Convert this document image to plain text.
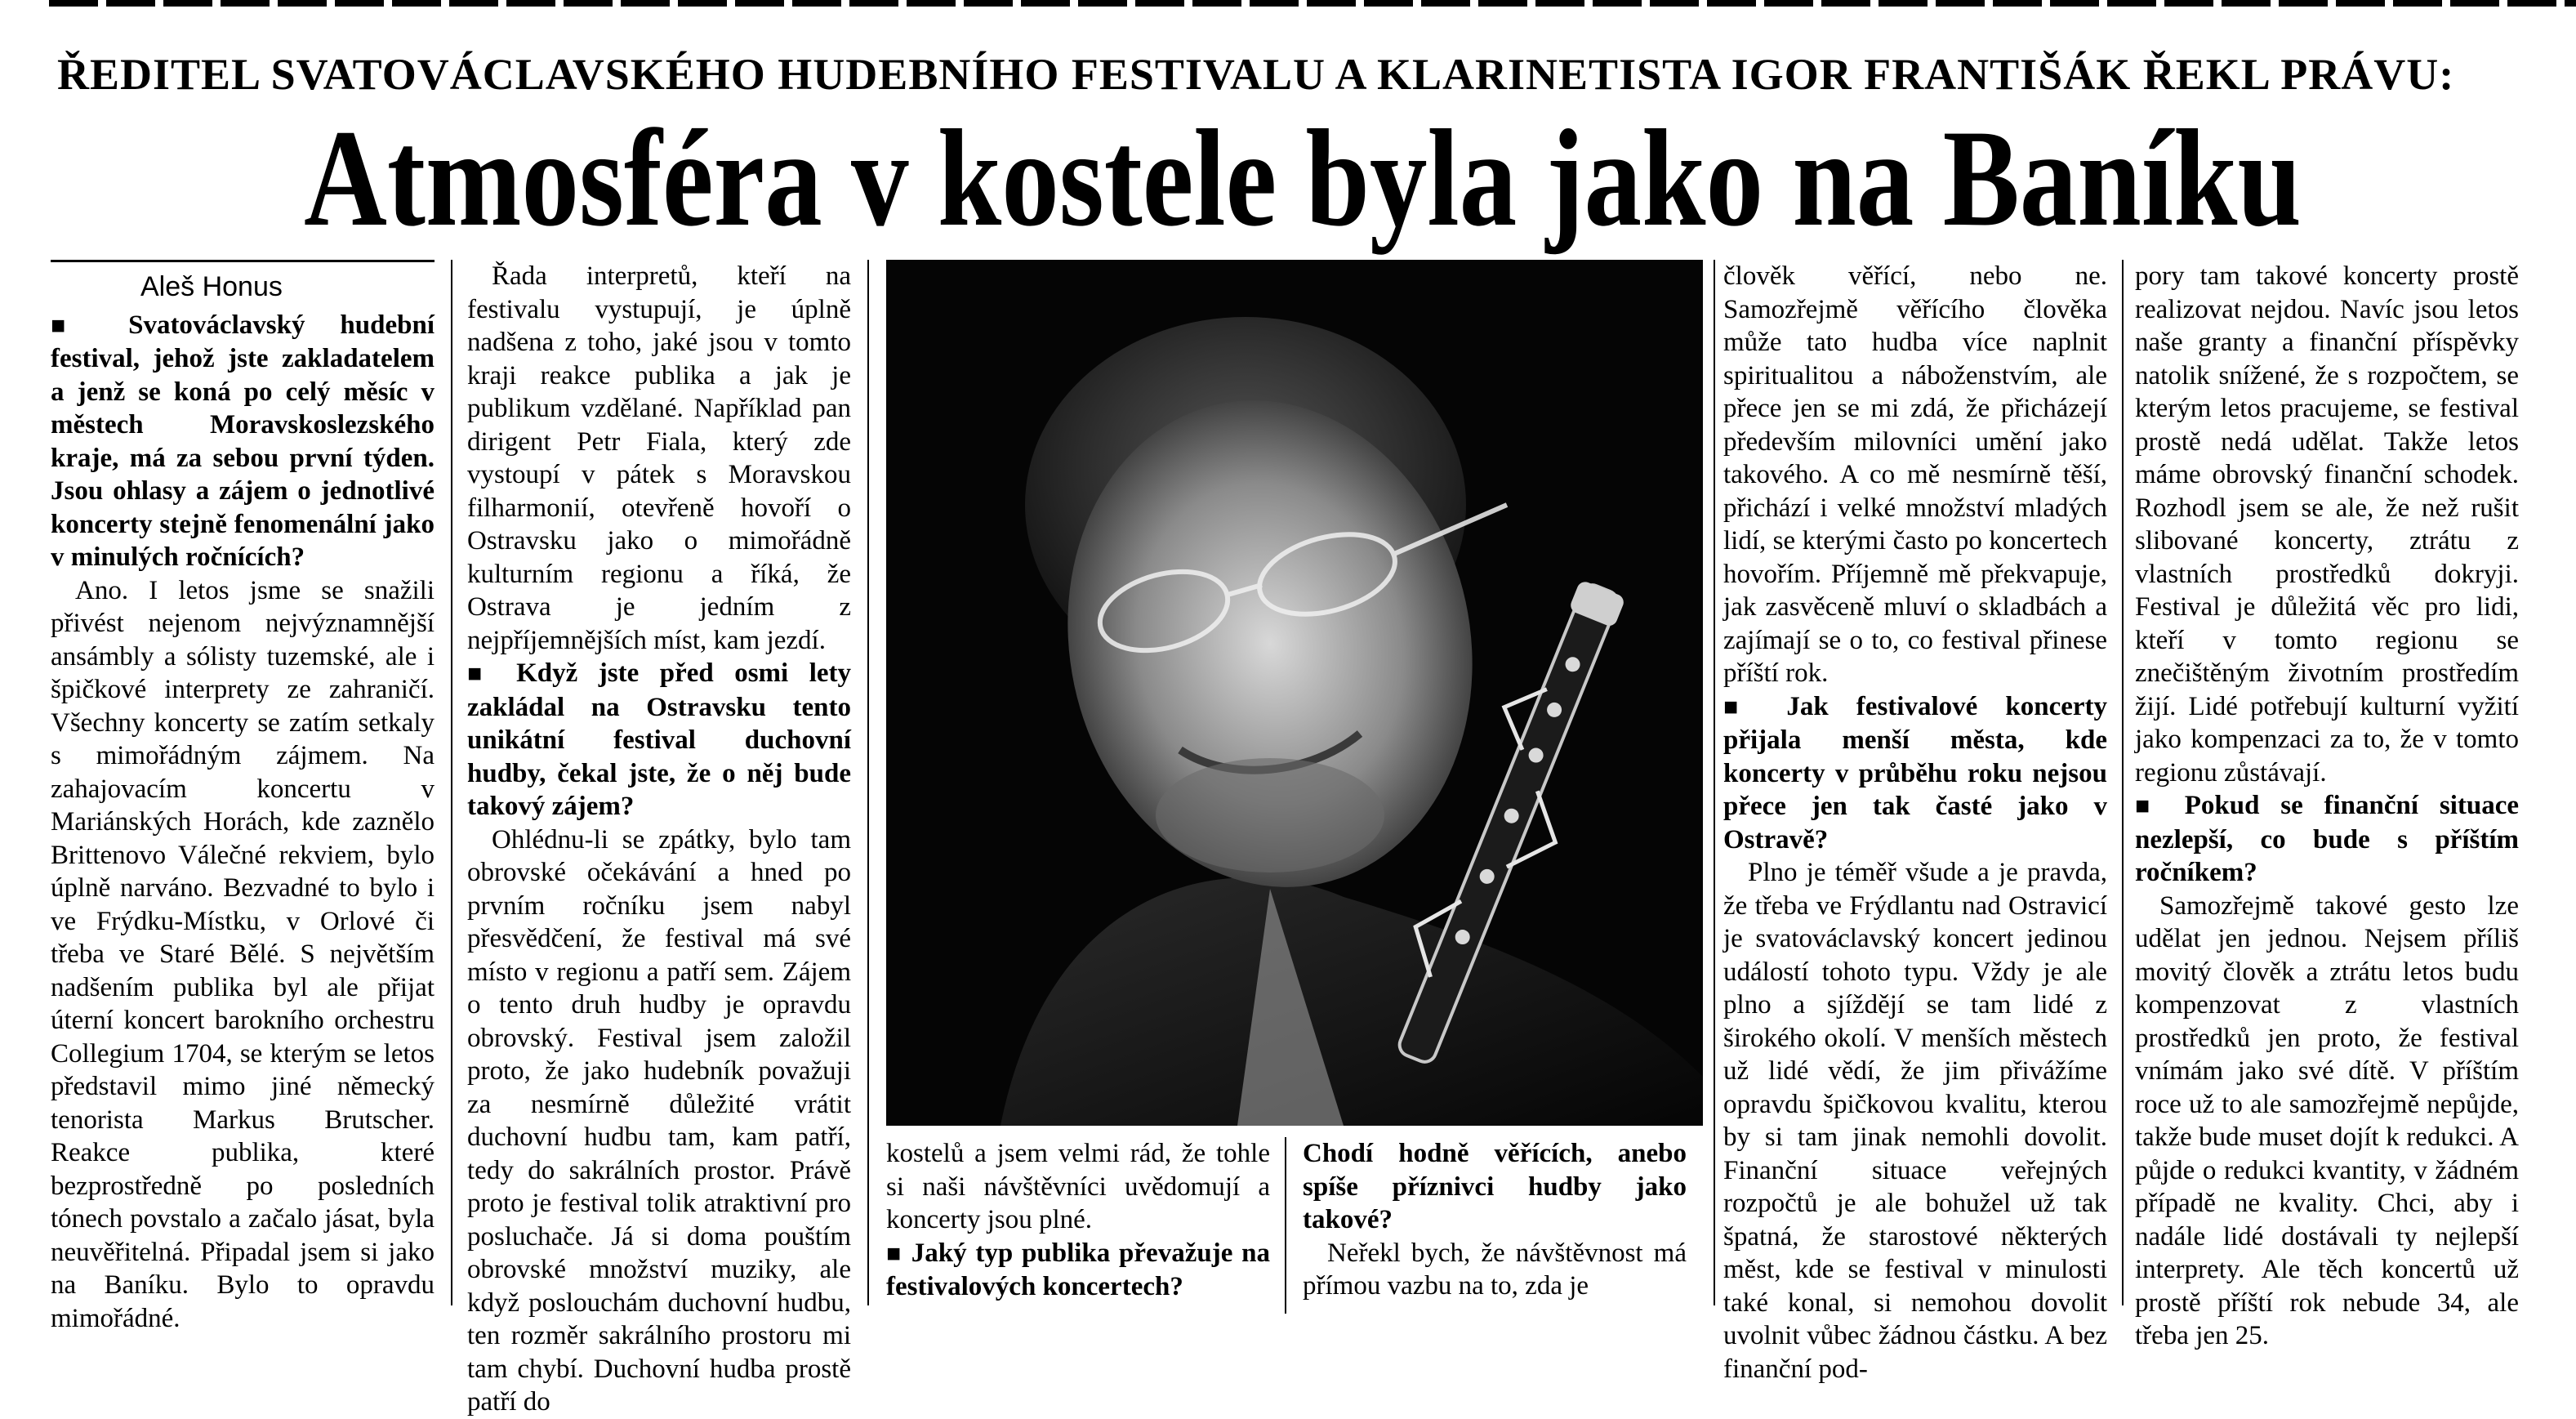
ŘEDITEL SVATOVÁCLAVSKÉHO HUDEBNÍHO FESTIVALU A KLARINETISTA IGOR FRANTIŠÁK ŘEKL PRÁVU:
Atmosféra v kostele byla jako na Baníku
Aleš Honus

■ Svatováclavský hudební festival, jehož jste zakladatelem a jenž se koná po celý měsíc v městech Moravskoslezského kraje, má za sebou první týden. Jsou ohlasy a zájem o jednotlivé koncerty stejně fenomenální jako v minulých ročnících?

Ano. I letos jsme se snažili přivést nejenom nejvýznamnější ansámbly a sólisty tuzemské, ale i špičkové interprety ze zahraničí. Všechny koncerty se zatím setkaly s mimořádným zájmem. Na zahajovacím koncertu v Mariánských Horách, kde zaznělo Brittenovo Válečné rekviem, bylo úplně narváno. Bezvadné to bylo i ve Frýdku-Místku, v Orlové či třeba ve Staré Bělé. S největším nadšením publika byl ale přijat úterní koncert barokního orchestru Collegium 1704, se kterým se letos představil mimo jiné německý tenorista Markus Brutscher. Reakce publika, které bezprostředně po posledních tónech povstalo a začalo jásat, byla neuvěřitelná. Připadal jsem si jako na Baníku. Bylo to opravdu mimořádné.

Řada interpretů, kteří na festivalu vystupují, je úplně nadšena z toho, jaké jsou v tomto kraji reakce publika a jak je publikum vzdělané. Například pan dirigent Petr Fiala, který zde vystoupí v pátek s Moravskou filharmonií, otevřeně hovoří o Ostravsku jako o mimořádně kulturním regionu a říká, že Ostrava je jedním z nejpříjemnějších míst, kam jezdí.

■ Když jste před osmi lety zakládal na Ostravsku tento unikátní festival duchovní hudby, čekal jste, že o něj bude takový zájem?

Ohlédnu-li se zpátky, bylo tam obrovské očekávání a hned po prvním ročníku jsem nabyl přesvědčení, že festival má své místo v regionu a patří sem. Zájem o tento druh hudby je opravdu obrovský. Festival jsem založil proto, že jako hudebník považuji za nesmírně důležité vrátit duchovní hudbu tam, kam patří, tedy do sakrálních prostor. Právě proto je festival tolik atraktivní pro posluchače. Já si doma pouštím obrovské množství muziky, ale když poslouchám duchovní hudbu, ten rozměr sakrálního prostoru mi tam chybí. Duchovní hudba prostě patří do

kostelů a jsem velmi rád, že tohle si naši návštěvníci uvědomují a koncerty jsou plné.

■ Jaký typ publika převažuje na festivalových koncertech?

Chodí hodně věřících, anebo spíše příznivci hudby jako takové?

Neřekl bych, že návštěvnost má přímou vazbu na to, zda je

člověk věřící, nebo ne. Samozřejmě věřícího člověka může tato hudba více naplnit spiritualitou a náboženstvím, ale přece jen se mi zdá, že přicházejí především milovníci umění jako takového. A co mě nesmírně těší, přichází i velké množství mladých lidí, se kterými často po koncertech hovořím. Příjemně mě překvapuje, jak zasvěceně mluví o skladbách a zajímají se o to, co festival přinese příští rok.

■ Jak festivalové koncerty přijala menší města, kde koncerty v průběhu roku nejsou přece jen tak časté jako v Ostravě?

Plno je téměř všude a je pravda, že třeba ve Frýdlantu nad Ostravicí je svatováclavský koncert jedinou událostí tohoto typu. Vždy je ale plno a sjíždějí se tam lidé z širokého okolí. V menších městech už lidé vědí, že jim přivážíme opravdu špičkovou kvalitu, kterou by si tam jinak nemohli dovolit. Finanční situace veřejných rozpočtů je ale bohužel už tak špatná, že starostové některých měst, kde se festival v minulosti také konal, si nemohou dovolit uvolnit vůbec žádnou částku. A bez finanční pod-

pory tam takové koncerty prostě realizovat nejdou. Navíc jsou letos naše granty a finanční příspěvky natolik snížené, že s rozpočtem, se kterým letos pracujeme, se festival prostě nedá udělat. Takže letos máme obrovský finanční schodek. Rozhodl jsem se ale, že než rušit slibované koncerty, ztrátu z vlastních prostředků dokryji. Festival je důležitá věc pro lidi, kteří v tomto regionu se znečištěným životním prostředím žijí. Lidé potřebují kulturní vyžití jako kompenzaci za to, že v tomto regionu zůstávají.

■ Pokud se finanční situace nezlepší, co bude s příštím ročníkem?

Samozřejmě takové gesto lze udělat jen jednou. Nejsem příliš movitý člověk a ztrátu letos budu kompenzovat z vlastních prostředků jen proto, že festival vnímám jako své dítě. V příštím roce už to ale samozřejmě nepůjde, takže bude muset dojít k redukci. A půjde o redukci kvantity, v žádném případě ne kvality. Chci, aby i nadále lidé dostávali ty nejlepší interprety. Ale těch koncertů už prostě příští rok nebude 34, ale třeba jen 25.
